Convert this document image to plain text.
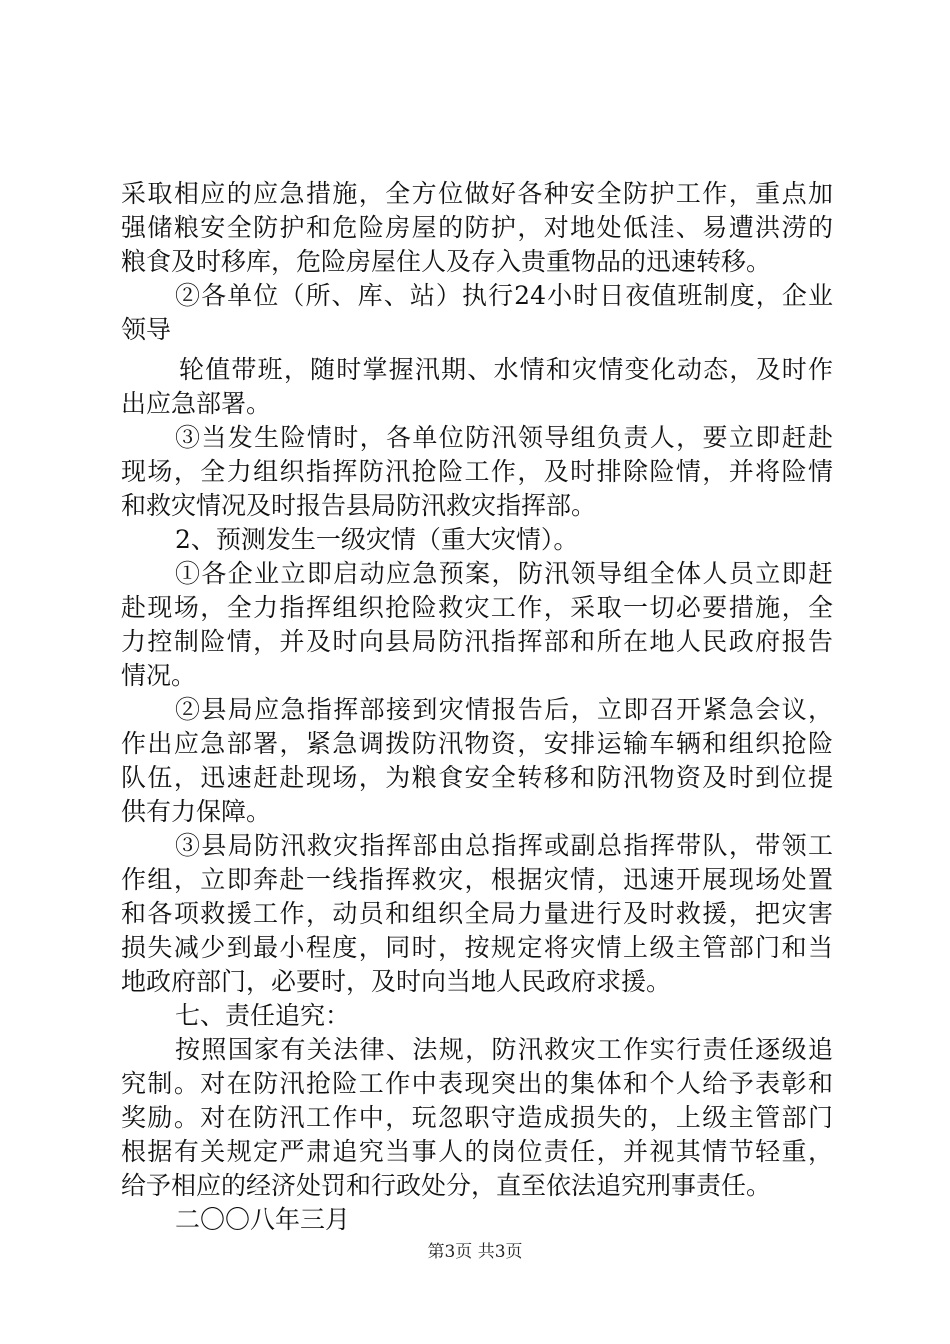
采取相应的应急措施，全方位做好各种安全防护工作，重点加
强储粮安全防护和危险房屋的防护，对地处低洼、易遭洪涝的
粮食及时移库，危险房屋住人及存入贵重物品的迅速转移。
②各单位（所、库、站）执行24小时日夜值班制度，企业
领导
轮值带班，随时掌握汛期、水情和灾情变化动态，及时作
出应急部署。
③当发生险情时，各单位防汛领导组负责人，要立即赶赴
现场，全力组织指挥防汛抢险工作，及时排除险情，并将险情
和救灾情况及时报告县局防汛救灾指挥部。
2、预测发生一级灾情（重大灾情）。
①各企业立即启动应急预案，防汛领导组全体人员立即赶
赴现场，全力指挥组织抢险救灾工作，采取一切必要措施，全
力控制险情，并及时向县局防汛指挥部和所在地人民政府报告
情况。
②县局应急指挥部接到灾情报告后，立即召开紧急会议，
作出应急部署，紧急调拨防汛物资，安排运输车辆和组织抢险
队伍，迅速赶赴现场，为粮食安全转移和防汛物资及时到位提
供有力保障。
③县局防汛救灾指挥部由总指挥或副总指挥带队，带领工
作组，立即奔赴一线指挥救灾，根据灾情，迅速开展现场处置
和各项救援工作，动员和组织全局力量进行及时救援，把灾害
损失减少到最小程度，同时，按规定将灾情上级主管部门和当
地政府部门，必要时，及时向当地人民政府求援。
七、责任追究：
按照国家有关法律、法规，防汛救灾工作实行责任逐级追
究制。对在防汛抢险工作中表现突出的集体和个人给予表彰和
奖励。对在防汛工作中，玩忽职守造成损失的，上级主管部门
根据有关规定严肃追究当事人的岗位责任，并视其情节轻重，
给予相应的经济处罚和行政处分，直至依法追究刑事责任。
二〇〇八年三月
第3页 共3页
